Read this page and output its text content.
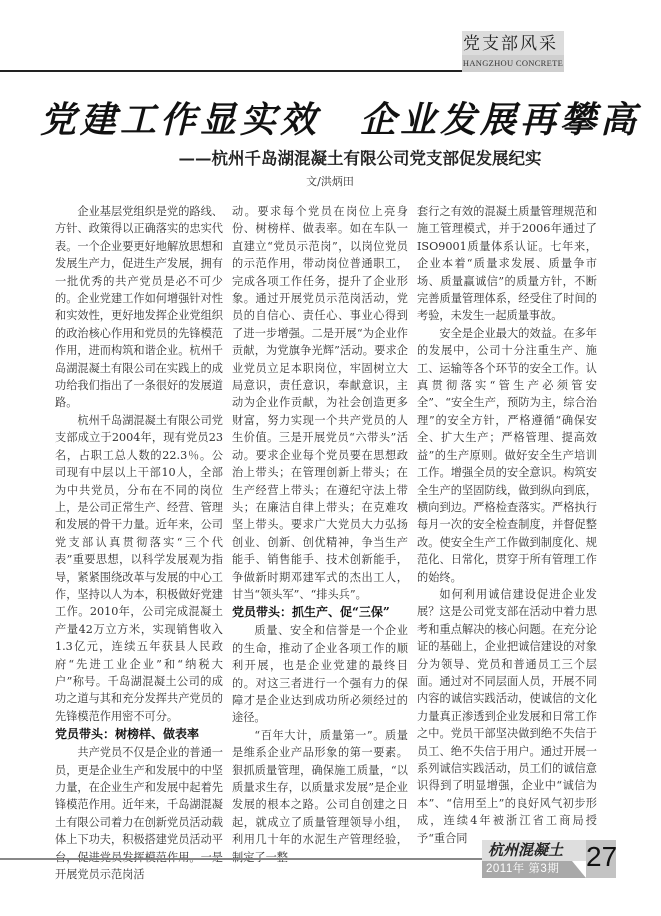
党支部风采
HANGZHOU CONCRETE
党建工作显实效　企业发展再攀高
——杭州千岛湖混凝土有限公司党支部促发展纪实
文/洪炳田

企业基层党组织是党的路线、方针、政策得以正确落实的忠实代表。一个企业要更好地解放思想和发展生产力，促进生产发展，拥有一批优秀的共产党员是必不可少的。企业党建工作如何增强针对性和实效性，更好地发挥企业党组织的政治核心作用和党员的先锋模范作用，进而构筑和谐企业。杭州千岛湖混凝土有限公司在实践上的成功给我们指出了一条很好的发展道路。

杭州千岛湖混凝土有限公司党支部成立于2004年，现有党员23名，占职工总人数的22.3％。公司现有中层以上干部10人，全部为中共党员，分布在不同的岗位上，是公司正常生产、经营、管理和发展的骨干力量。近年来，公司党支部认真贯彻落实“三个代表”重要思想，以科学发展观为指导，紧紧围绕改革与发展的中心工作，坚持以人为本，积极做好党建工作。2010年，公司完成混凝土产量42万立方米，实现销售收入1.3亿元，连续五年获县人民政府“先进工业企业”和“纳税大户”称号。千岛湖混凝土公司的成功之道与其和充分发挥共产党员的先锋模范作用密不可分。

党员带头：树榜样、做表率

共产党员不仅是企业的普通一员，更是企业生产和发展中的中坚力量，在企业生产和发展中起着先锋模范作用。近年来，千岛湖混凝土有限公司着力在创新党员活动载体上下功夫，积极搭建党员活动平 开展党员示范岗活

动。要求每个党员在岗位上亮身份、树榜样、做表率。如在车队一直建立“党员示范岗”，以岗位党员的示范作用，带动岗位普通职工，完成各项工作任务，提升了企业形象。通过开展党员示范岗活动，党员的自信心、责任心、事业心得到了进一步增强。二是开展“为企业作贡献，为党旗争光辉”活动。要求企业党员立足本职岗位，牢固树立大局意识，责任意识，奉献意识，主动为企业作贡献，为社会创造更多财富，努力实现一个共产党员的人生价值。三是开展党员“六带头”活动。要求企业每个党员要在思想政治上带头；在管理创新上带头；在生产经营上带头；在遵纪守法上带头；在廉洁自律上带头；在克难攻坚上带头。要求广大党员大力弘扬创业、创新、创优精神，争当生产能手、销售能手、技术创新能手，争做新时期邓建军式的杰出工人，甘当“领头军”、“排头兵”。

党员带头：抓生产、促“三保”

质量、安全和信誉是一个企业的生命，推动了企业各项工作的顺利开展，也是企业党建的最终目的。对这三者进行一个强有力的保障才是企业达到成功所必须经过的途径。

“百年大计，质量第一”。质量是维系企业产品形象的第一要素。狠抓质量管理，确保施工质量，“以质量求生存，以质量求发展”是企业发展的根本之路。公司自创建之日起，就成立了质量管理领导小组，利用几十年的水泥生产管理经验，

套行之有效的混凝土质量管理规范和施工管理模式，并于2006年通过了ISO9001质量体系认证。七年来，企业本着“质量求发展、质量争市场、质量赢诚信”的质量方针，不断完善质量管理体系，经受住了时间的考验，未发生一起质量事故。

安全是企业最大的效益。在多年的发展中，公司十分注重生产、施工、运输等各个环节的安全工作。认真贯彻落实“管生产必须管安全”、“安全生产，预防为主，综合治理”的安全方针，严格遵循“确保安全、扩大生产；严格管理、提高效益”的生产原则。做好安全生产培训工作。增强全员的安全意识。构筑安全生产的坚固防线，做到纵向到底，横向到边。严格检查落实。严格执行每月一次的安全检查制度，并督促整改。使安全生产工作做到制度化、规范化、日常化，贯穿于所有管理工作的始终。

如何利用诚信建设促进企业发展？这是公司党支部在活动中着力思考和重点解决的核心问题。在充分论证的基础上，企业把诚信建设的对象分为领导、党员和普通员工三个层面。通过对不同层面人员，开展不同内容的诚信实践活动，使诚信的文化力量真正渗透到企业发展和日常工作之中。党员干部坚决做到绝不失信于员工、绝不失信于用户。通过开展一系列诚信实践活动，员工们的诚信意识得到了明显增强，企业中“诚信为本”、“信用至上”的良好风气初步形成，连续4年被浙江省工商局授予“重合同

杭州混凝土
2011年 第3期 27
